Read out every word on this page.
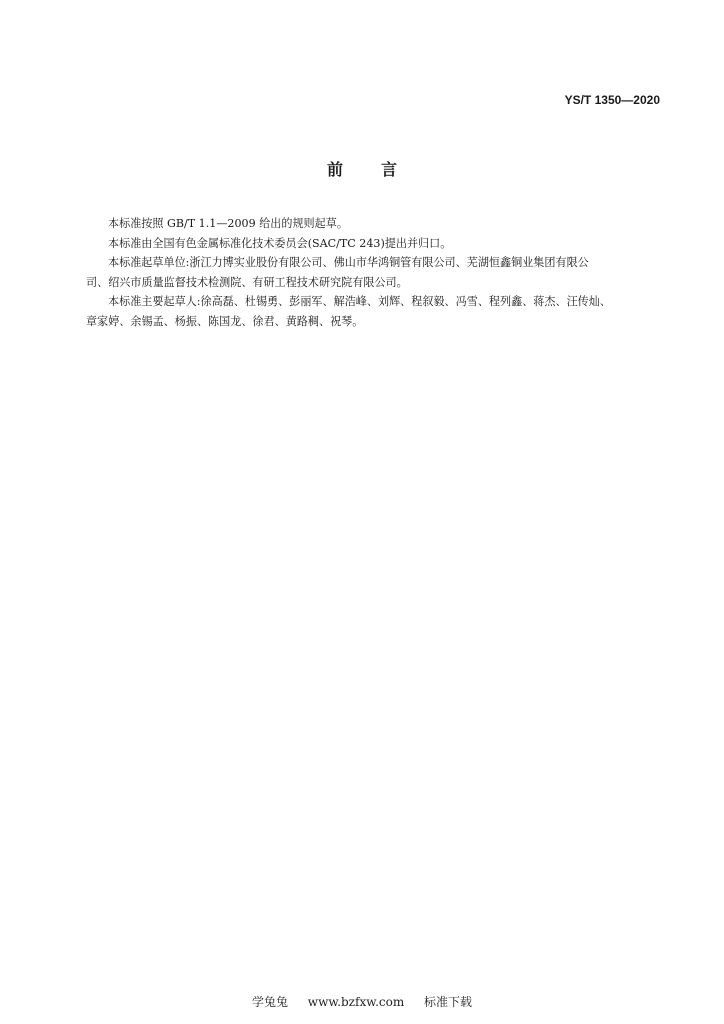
YS/T 1350—2020
前 言

本标准按照 GB/T 1.1—2009 给出的规则起草。

本标准由全国有色金属标准化技术委员会(SAC/TC 243)提出并归口。

本标准起草单位:浙江力博实业股份有限公司、佛山市华鸿铜管有限公司、芜湖恒鑫铜业集团有限公

司、绍兴市质量监督技术检测院、有研工程技术研究院有限公司。

本标准主要起草人:徐高磊、杜锡勇、彭丽军、解浩峰、刘辉、程叙毅、冯雪、程列鑫、蒋杰、汪传灿、

章家婷、余锡孟、杨振、陈国龙、徐君、黄路稠、祝琴。

学兔兔 www.bzfxw.com 标准下载
